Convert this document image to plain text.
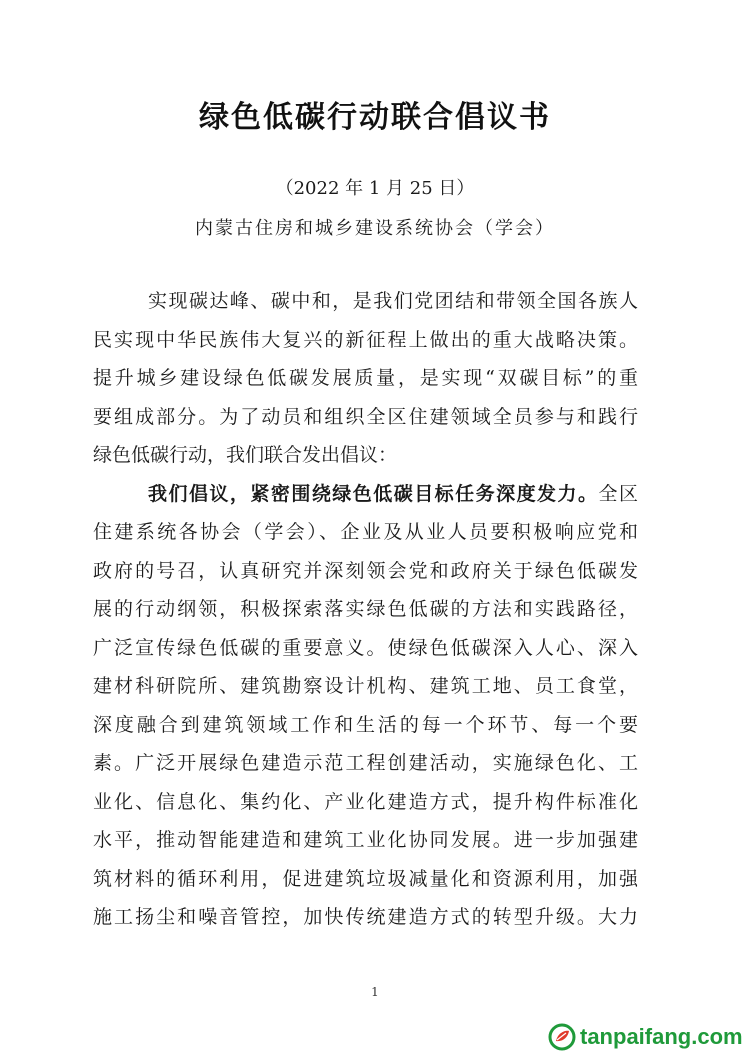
绿色低碳行动联合倡议书
（2022 年 1 月 25 日）
内蒙古住房和城乡建设系统协会（学会）
实现碳达峰、碳中和，是我们党团结和带领全国各族人
民实现中华民族伟大复兴的新征程上做出的重大战略决策。
提升城乡建设绿色低碳发展质量，是实现“双碳目标”的重
要组成部分。为了动员和组织全区住建领域全员参与和践行
绿色低碳行动，我们联合发出倡议：
我们倡议，紧密围绕绿色低碳目标任务深度发力。全区
住建系统各协会（学会）、企业及从业人员要积极响应党和
政府的号召，认真研究并深刻领会党和政府关于绿色低碳发
展的行动纲领，积极探索落实绿色低碳的方法和实践路径，
广泛宣传绿色低碳的重要意义。使绿色低碳深入人心、深入
建材科研院所、建筑勘察设计机构、建筑工地、员工食堂，
深度融合到建筑领域工作和生活的每一个环节、每一个要
素。广泛开展绿色建造示范工程创建活动，实施绿色化、工
业化、信息化、集约化、产业化建造方式，提升构件标准化
水平，推动智能建造和建筑工业化协同发展。进一步加强建
筑材料的循环利用，促进建筑垃圾减量化和资源利用，加强
施工扬尘和噪音管控，加快传统建造方式的转型升级。大力
1
tanpaifang.com
